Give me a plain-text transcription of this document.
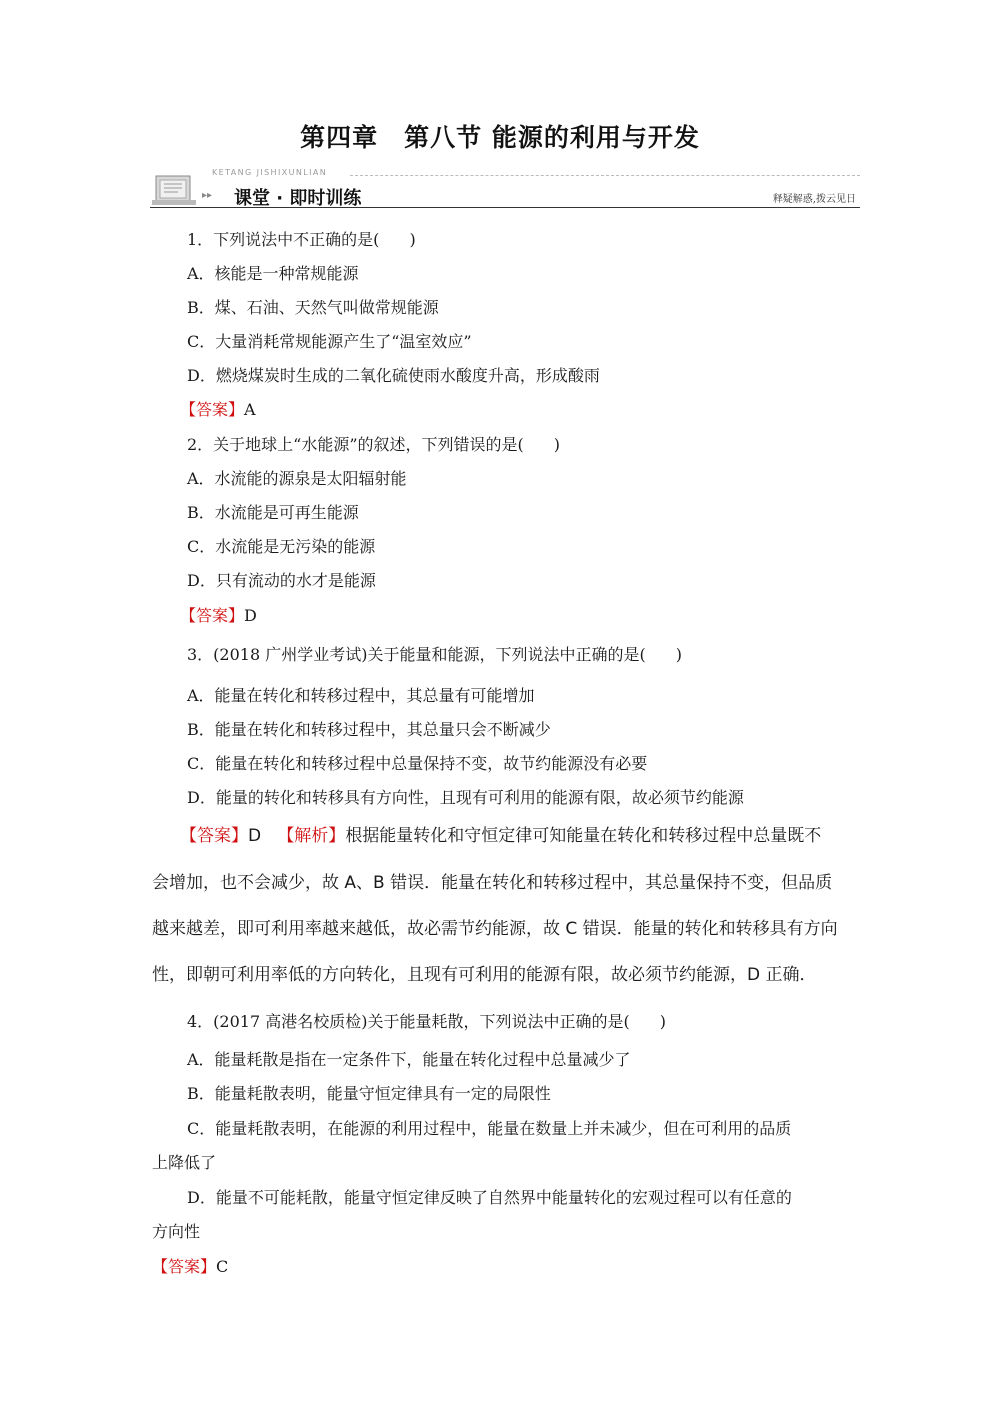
第四章　第八节 能源的利用与开发
KETANG JISHIXUNLIAN
▸▸ 课堂 · 即时训练	释疑解惑,拨云见日
1．下列说法中不正确的是( )
A．核能是一种常规能源
B．煤、石油、天然气叫做常规能源
C．大量消耗常规能源产生了“温室效应”
D．燃烧煤炭时生成的二氧化硫使雨水酸度升高，形成酸雨
【答案】A
2．关于地球上“水能源”的叙述，下列错误的是( )
A．水流能的源泉是太阳辐射能
B．水流能是可再生能源
C．水流能是无污染的能源
D．只有流动的水才是能源
【答案】D
3．(2018 广州学业考试)关于能量和能源，下列说法中正确的是( )
A．能量在转化和转移过程中，其总量有可能增加
B．能量在转化和转移过程中，其总量只会不断减少
C．能量在转化和转移过程中总量保持不变，故节约能源没有必要
D．能量的转化和转移具有方向性，且现有可利用的能源有限，故必须节约能源
【答案】D 【解析】根据能量转化和守恒定律可知能量在转化和转移过程中总量既不
会增加，也不会减少，故 A、B 错误．能量在转化和转移过程中，其总量保持不变，但品质
越来越差，即可利用率越来越低，故必需节约能源，故 C 错误．能量的转化和转移具有方向
性，即朝可利用率低的方向转化，且现有可利用的能源有限，故必须节约能源，D 正确．
4．(2017 高港名校质检)关于能量耗散，下列说法中正确的是( )
A．能量耗散是指在一定条件下，能量在转化过程中总量减少了
B．能量耗散表明，能量守恒定律具有一定的局限性
C．能量耗散表明，在能源的利用过程中，能量在数量上并未减少，但在可利用的品质
上降低了
D．能量不可能耗散，能量守恒定律反映了自然界中能量转化的宏观过程可以有任意的
方向性
【答案】C
